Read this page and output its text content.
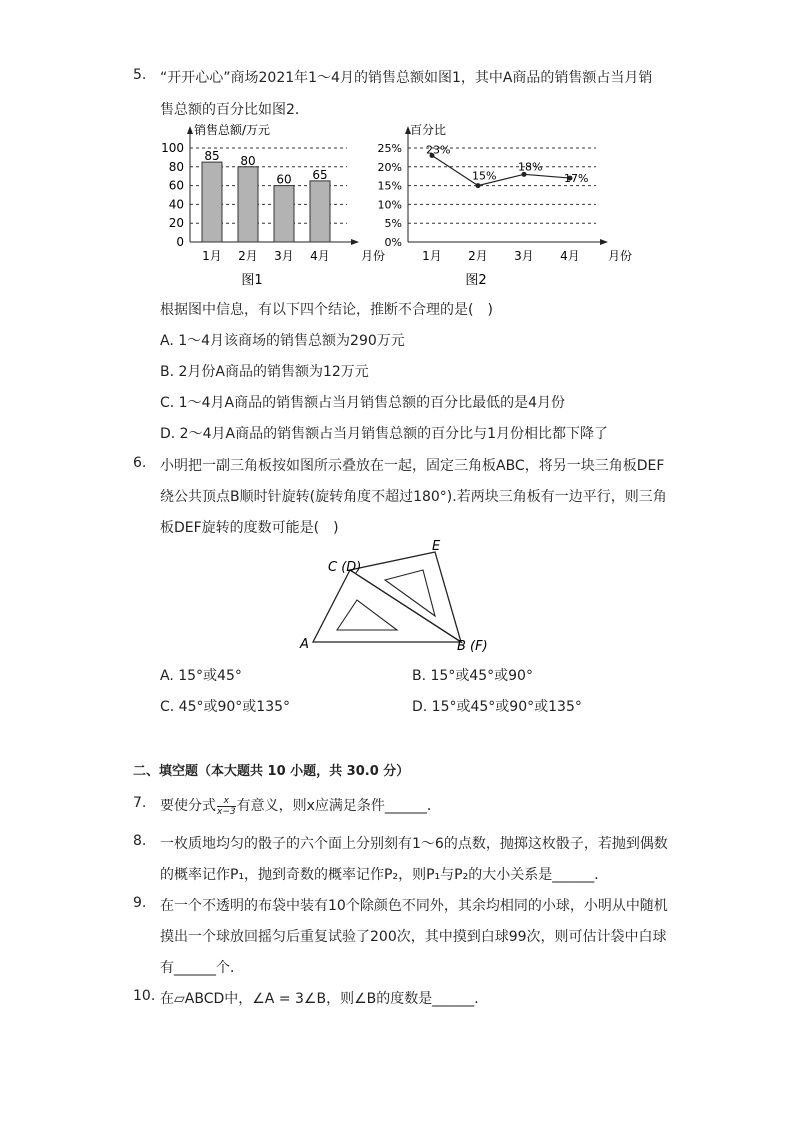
5. “开开心心”商场2021年1～4月的销售总额如图1，其中A商品的销售额占当月销
售总额的百分比如图2．
0
20
40
60
80
100
销售总额/万元
月份
85
1月
80
2月
60
3月
65
4月
图1
0%
5%
10%
15%
20%
25%
百分比
月份
23%
1月
15%
2月
18%
3月
17%
4月
图2
根据图中信息，有以下四个结论，推断不合理的是(　)
A. 1～4月该商场的销售总额为290万元
B. 2月份A商品的销售额为12万元
C. 1～4月A商品的销售额占当月销售总额的百分比最低的是4月份
D. 2～4月A商品的销售额占当月销售总额的百分比与1月份相比都下降了
6. 小明把一副三角板按如图所示叠放在一起，固定三角板ABC，将另一块三角板DEF
绕公共顶点B顺时针旋转(旋转角度不超过180°).若两块三角板有一边平行，则三角
板DEF旋转的度数可能是(　)
C (D)
E
A	B (F)
A. 15°或45°	B. 15°或45°或90°
C. 45°或90°或135°	D. 15°或45°或90°或135°
二、填空题（本大题共 10 小题，共 30.0 分）
7. 要使分式 $\frac{x}{x-3}$ 有意义，则x应满足条件______．
8. 一枚质地均匀的骰子的六个面上分别刻有1～6的点数，抛掷这枚骰子，若抛到偶数
的概率记作P₁，抛到奇数的概率记作P₂，则P₁与P₂的大小关系是______．
9. 在一个不透明的布袋中装有10个除颜色不同外，其余均相同的小球，小明从中随机
摸出一个球放回摇匀后重复试验了200次，其中摸到白球99次，则可估计袋中白球
有______个．
10. 在▱ABCD中，∠A = 3∠B，则∠B的度数是______．
